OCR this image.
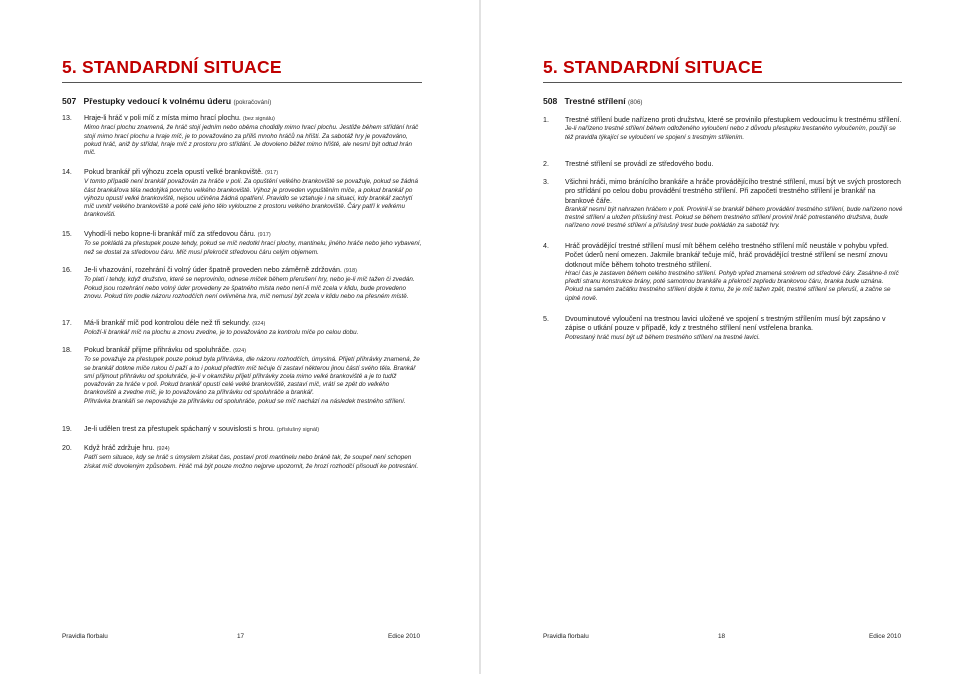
5. STANDARDNÍ SITUACE
507 Přestupky vedoucí k volnému úderu (pokračování)
13. Hraje-li hráč v poli míč z místa mimo hrací plochu. (bez signálu)
Mimo hrací plochu znamená, že hráč stojí jedním nebo oběma chodidly mimo hrací plochu. Jestliže během střídání hráč stojí mimo hrací plochu a hraje míč, je to považováno za příliš mnoho hráčů na hřišti. Za sabotáž hry je považováno, pokud hráč, aniž by střídal, hraje míč z prostoru pro střídání. Je dovoleno běžet mimo hřiště, ale nesmí být odtud hrán míč.
14. Pokud brankář při výhozu zcela opustí velké brankoviště. (917)
V tomto případě není brankář považován za hráče v poli. Za opuštění velkého brankoviště se považuje, pokud se žádná část brankářova těla nedotýká povrchu velkého brankoviště. Výhoz je proveden vypuštěním míče, a pokud brankář po výhozu opustí velké brankoviště, nejsou učiněna žádná opatření. Pravidlo se vztahuje i na situaci, kdy brankář zachytí míč uvnitř velkého brankoviště a poté celé jeho tělo vyklouzne z prostoru velkého brankoviště. Čáry patří k velkému brankovišti.
15. Vyhodí-li nebo kopne-li brankář míč za středovou čáru. (917)
To se pokládá za přestupek pouze tehdy, pokud se míč nedotkl hrací plochy, mantinelu, jiného hráče nebo jeho vybavení, než se dostal za středovou čáru. Míč musí překročit středovou čáru celým objemem.
16. Je-li vhazování, rozehrání či volný úder špatně proveden nebo záměrně zdržován. (918)
To platí i tehdy, když družstvo, které se neprovinilo, odnese míček během přerušení hry, nebo je-li míč tažen či zvedán. Pokud jsou rozehrání nebo volný úder provedeny ze špatného místa nebo není-li míč zcela v klidu, bude provedeno znovu. Pokud tím podle názoru rozhodčích není ovlivněna hra, míč nemusí být zcela v klidu nebo na přesném místě.
17. Má-li brankář míč pod kontrolou déle než tři sekundy. (924)
Položí-li brankář míč na plochu a znovu zvedne, je to považováno za kontrolu míče po celou dobu.
18. Pokud brankář přijme přihrávku od spoluhráče. (924)
To se považuje za přestupek pouze pokud byla přihrávka, dle názoru rozhodčích, úmyslná. Přijetí přihrávky znamená, že se brankář dotkne míče rukou či paží a to i pokud předtím míč tečuje či zastaví některou jinou částí svého těla. Brankář smí přijmout přihrávku od spoluhráče, je-li v okamžiku přijetí přihrávky zcela mimo velké brankoviště a je to tudíž považován za hráče v poli. Pokud brankář opustí celé velké brankoviště, zastaví míč, vrátí se zpět do velkého brankoviště a zvedne míč, je to považováno za přihrávku od spoluhráče a brankář.
Přihrávka brankáři se nepovažuje za přihrávku od spoluhráče, pokud se míč nachází na následek trestného střílení.
19. Je-li udělen trest za přestupek spáchaný v souvislosti s hrou. (příslušný signál)
20. Když hráč zdržuje hru. (924)
Patří sem situace, kdy se hráč s úmyslem získat čas, postaví proti mantinelu nebo bráně tak, že soupeř není schopen získat míč dovoleným způsobem. Hráč má být pouze možno nejprve upozornit, že hrozí rozhodčí přisoudí ke potrestání.
Pravidla florbalu	17	Edice 2010
5. STANDARDNÍ SITUACE
508 Trestné střílení (806)
1. Trestné střílení bude nařízeno proti družstvu, které se provinilo přestupkem vedoucímu k trestnému střílení.
Je-li nařízeno trestné střílení během odloženého vyloučení nebo z důvodu přestupku trestaného vyloučením, použijí se též pravidla týkající se vyloučení ve spojení s trestným střílením.
2. Trestné střílení se provádí ze středového bodu.
3. Všichni hráči, mimo bránícího brankáře a hráče provádějícího trestné střílení, musí být ve svých prostorech pro střídání po celou dobu provádění trestného střílení. Při započetí trestného střílení je brankář na brankové čáře.
Brankář nesmí být nahrazen hráčem v poli. Provinil-li se brankář během provádění trestného střílení, bude nařízeno nové trestné střílení a uložen příslušný trest. Pokud se během trestného střílení provinil hráč potrestaného družstva, bude nařízeno nové trestné střílení a příslušný trest bude pokládán za sabotáž hry.
4. Hráč provádějící trestné střílení musí mít během celého trestného střílení míč neustále v pohybu vpřed. Počet úderů není omezen. Jakmile brankář tečuje míč, hráč provádějící trestné střílení se nesmí znovu dotknout míče během tohoto trestného střílení.
Hrací čas je zastaven během celého trestného střílení. Pohyb vpřed znamená směrem od středové čáry. Zasáhne-li míč předtí stranu konstrukce brány, poté samotnou brankáře a překročí zepředu brankovou čáru, branka bude uznána. Pokud na samém začátku trestného střílení dojde k tomu, že je míč tažen zpět, trestné střílení se přeruší, a začne se úplně nově.
5. Dvouminutové vyloučení na trestnou lavici uložené ve spojení s trestným střílením musí být zapsáno v zápise o utkání pouze v případě, kdy z trestného střílení není vstřelena branka.
Potrestaný hráč musí být už během trestného střílení na trestné lavici.
Pravidla florbalu	18	Edice 2010
